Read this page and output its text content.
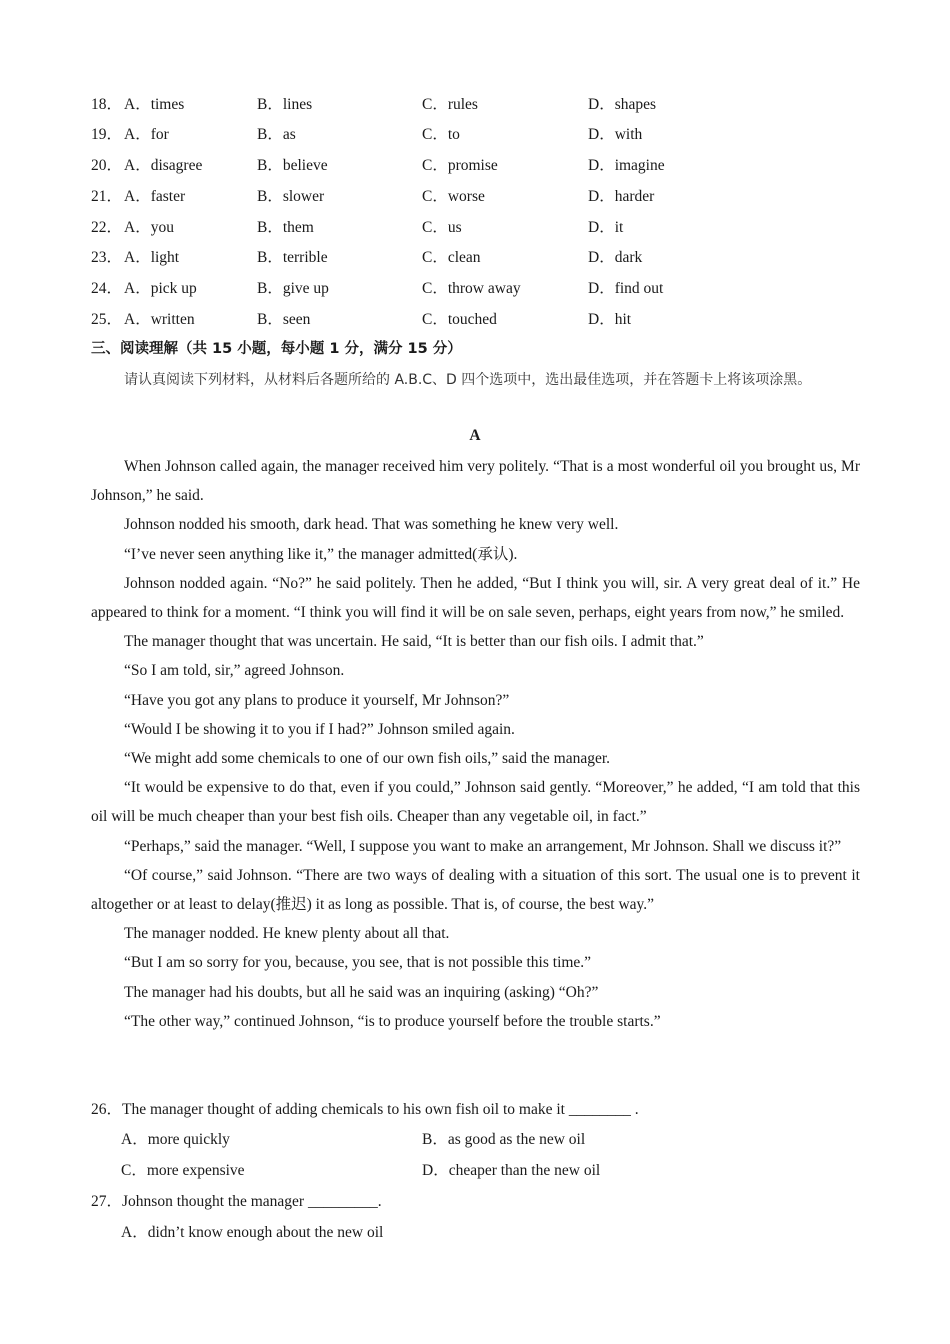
18． A．times	B．lines	C．rules	D．shapes
19． A．for	B．as	C．to	D．with
20． A．disagree	B．believe	C．promise	D．imagine
21． A．faster	B．slower	C．worse	D．harder
22． A．you	B．them	C．us	D．it
23． A．light	B．terrible	C．clean	D．dark
24． A．pick up	B．give up	C．throw away	D．find out
25． A．written	B．seen	C．touched	D．hit
三、阅读理解（共 15 小题，每小题 1 分，满分 15 分）
请认真阅读下列材料，从材料后各题所给的 A.B.C、D 四个选项中，选出最佳选项，并在答题卡上将该项涂黑。
A

When Johnson called again, the manager received him very politely. “That is a most wonderful oil you brought us, Mr Johnson,” he said.

Johnson nodded his smooth, dark head. That was something he knew very well.

“I’ve never seen anything like it,” the manager admitted(承认).

Johnson nodded again. “No?” he said politely. Then he added, “But I think you will, sir. A very great deal of it.” He appeared to think for a moment. “I think you will find it will be on sale seven, perhaps, eight years from now,” he smiled.

The manager thought that was uncertain. He said, “It is better than our fish oils. I admit that.”

“So I am told, sir,” agreed Johnson.

“Have you got any plans to produce it yourself, Mr Johnson?”

“Would I be showing it to you if I had?” Johnson smiled again.

“We might add some chemicals to one of our own fish oils,” said the manager.

“It would be expensive to do that, even if you could,” Johnson said gently. “Moreover,” he added, “I am told that this oil will be much cheaper than your best fish oils. Cheaper than any vegetable oil, in fact.”

“Perhaps,” said the manager. “Well, I suppose you want to make an arrangement, Mr Johnson. Shall we discuss it?”

“Of course,” said Johnson. “There are two ways of dealing with a situation of this sort. The usual one is to prevent it altogether or at least to delay(推迟) it as long as possible. That is, of course, the best way.”

The manager nodded. He knew plenty about all that.

“But I am so sorry for you, because, you see, that is not possible this time.”

The manager had his doubts, but all he said was an inquiring (asking) “Oh?”

“The other way,” continued Johnson, “is to produce yourself before the trouble starts.”

26．The manager thought of adding chemicals to his own fish oil to make it ________ .
A．more quickly	B．as good as the new oil
C．more expensive	D．cheaper than the new oil
27．Johnson thought the manager _________.
A．didn’t know enough about the new oil
